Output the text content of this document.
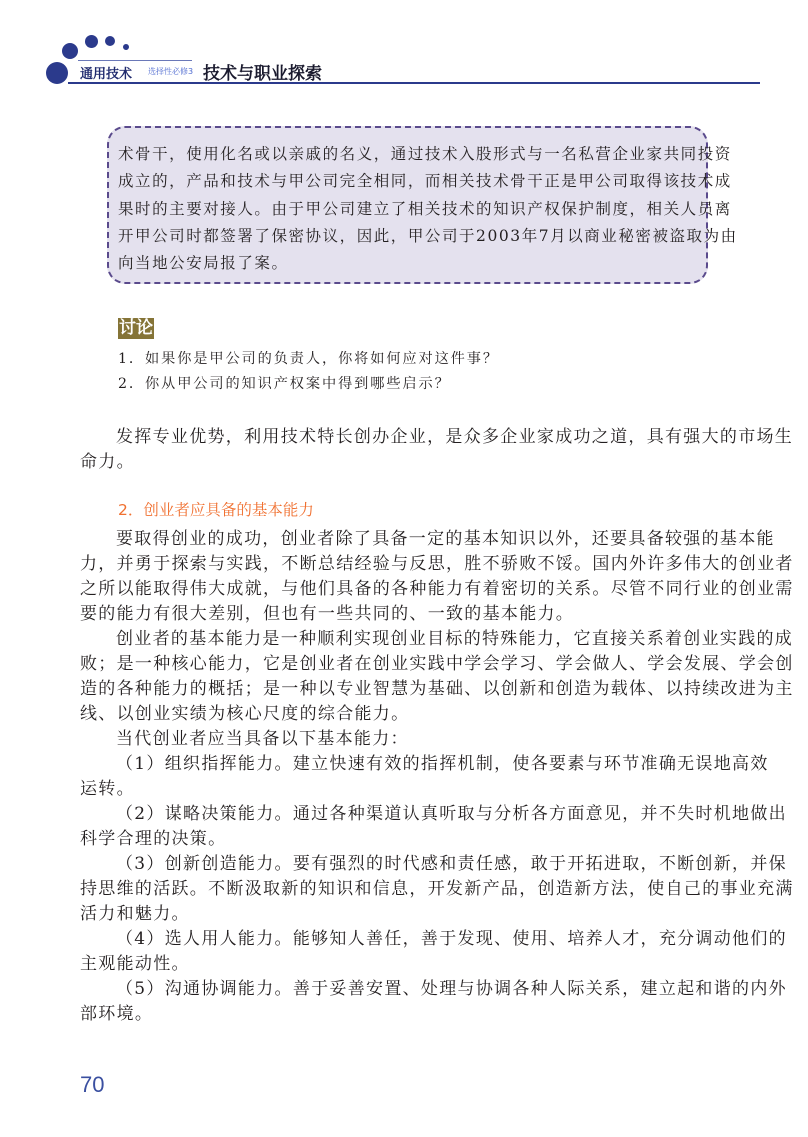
通用技术 选择性必修3 技术与职业探索
术骨干，使用化名或以亲戚的名义，通过技术入股形式与一名私营企业家共同投资
成立的，产品和技术与甲公司完全相同，而相关技术骨干正是甲公司取得该技术成
果时的主要对接人。由于甲公司建立了相关技术的知识产权保护制度，相关人员离
开甲公司时都签署了保密协议，因此，甲公司于2003年7月以商业秘密被盗取为由
向当地公安局报了案。
讨论
1．如果你是甲公司的负责人，你将如何应对这件事？
2．你从甲公司的知识产权案中得到哪些启示？
发挥专业优势，利用技术特长创办企业，是众多企业家成功之道，具有强大的市场生
命力。
2．创业者应具备的基本能力
要取得创业的成功，创业者除了具备一定的基本知识以外，还要具备较强的基本能
力，并勇于探索与实践，不断总结经验与反思，胜不骄败不馁。国内外许多伟大的创业者
之所以能取得伟大成就，与他们具备的各种能力有着密切的关系。尽管不同行业的创业需
要的能力有很大差别，但也有一些共同的、一致的基本能力。
创业者的基本能力是一种顺利实现创业目标的特殊能力，它直接关系着创业实践的成
败；是一种核心能力，它是创业者在创业实践中学会学习、学会做人、学会发展、学会创
造的各种能力的概括；是一种以专业智慧为基础、以创新和创造为载体、以持续改进为主
线、以创业实绩为核心尺度的综合能力。
当代创业者应当具备以下基本能力：
（1）组织指挥能力。建立快速有效的指挥机制，使各要素与环节准确无误地高效
运转。
（2）谋略决策能力。通过各种渠道认真听取与分析各方面意见，并不失时机地做出
科学合理的决策。
（3）创新创造能力。要有强烈的时代感和责任感，敢于开拓进取，不断创新，并保
持思维的活跃。不断汲取新的知识和信息，开发新产品，创造新方法，使自己的事业充满
活力和魅力。
（4）选人用人能力。能够知人善任，善于发现、使用、培养人才，充分调动他们的
主观能动性。
（5）沟通协调能力。善于妥善安置、处理与协调各种人际关系，建立起和谐的内外
部环境。
70
